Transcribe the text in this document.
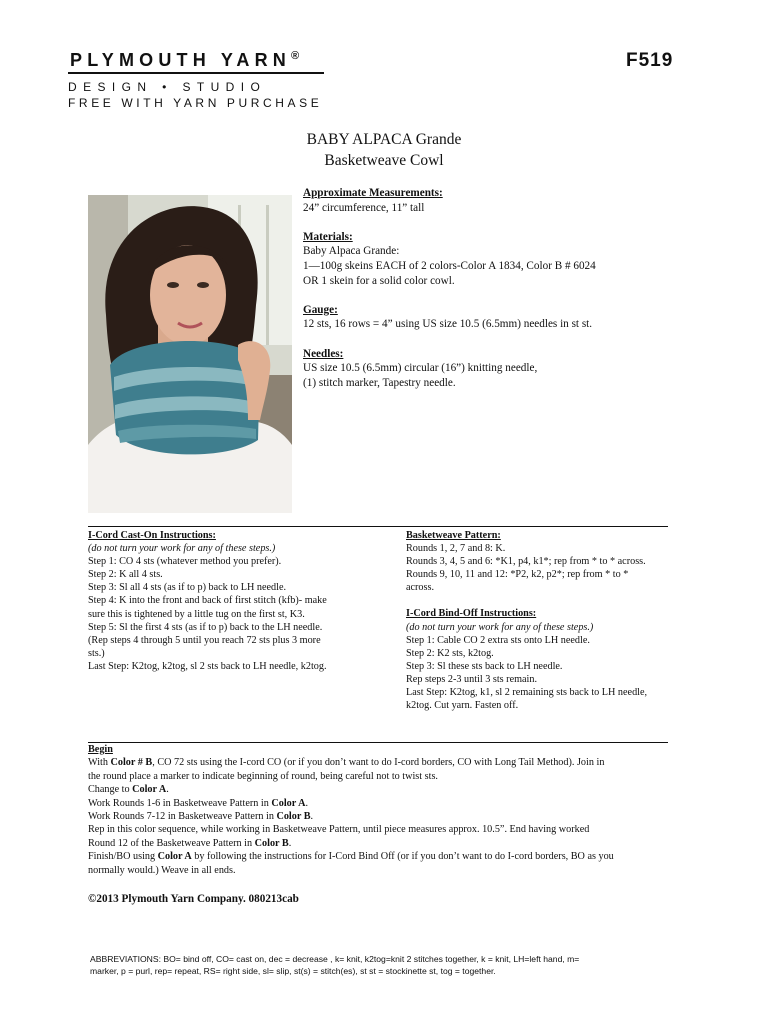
PLYMOUTH YARN®
DESIGN • STUDIO
FREE WITH YARN PURCHASE
F519
BABY ALPACA Grande
Basketweave Cowl
Approximate Measurements:
24” circumference, 11” tall
Materials:
Baby Alpaca Grande:
1—100g skeins EACH of 2 colors-Color A 1834, Color B # 6024
OR 1 skein for a solid color cowl.
Gauge:
12 sts, 16 rows = 4” using US size 10.5 (6.5mm) needles in st st.
Needles:
US size 10.5 (6.5mm) circular (16”) knitting needle,
(1) stitch marker, Tapestry needle.
I-Cord Cast-On Instructions:
(do not turn your work for any of these steps.)
Step 1: CO 4 sts (whatever method you prefer).
Step 2: K all 4 sts.
Step 3: Sl all 4 sts (as if to p) back to LH needle.
Step 4: K into the front and back of first stitch (kfb)- make
sure this is tightened by a little tug on the first st, K3.
Step 5: Sl the first 4 sts (as if to p) back to the LH needle.
(Rep steps 4 through 5 until you reach 72 sts plus 3 more
sts.)
Last Step: K2tog, k2tog, sl 2 sts back to LH needle, k2tog.
Basketweave Pattern:
Rounds 1, 2, 7 and 8: K.
Rounds 3, 4, 5 and 6: *K1, p4, k1*; rep from * to * across.
Rounds 9, 10, 11 and 12: *P2, k2, p2*; rep from * to *
across.
I-Cord Bind-Off Instructions:
(do not turn your work for any of these steps.)
Step 1: Cable CO 2 extra sts onto LH needle.
Step 2: K2 sts, k2tog.
Step 3: Sl these sts back to LH needle.
Rep steps 2-3 until 3 sts remain.
Last Step: K2tog, k1, sl 2 remaining sts back to LH needle,
k2tog. Cut yarn. Fasten off.
Begin
With Color # B, CO 72 sts using the I-cord CO (or if you don’t want to do I-cord borders, CO with Long Tail Method). Join in
the round place a marker to indicate beginning of round, being careful not to twist sts.
Change to Color A.
Work Rounds 1-6 in Basketweave Pattern in Color A.
Work Rounds 7-12 in Basketweave Pattern in Color B.
Rep in this color sequence, while working in Basketweave Pattern, until piece measures approx. 10.5”. End having worked
Round 12 of the Basketweave Pattern in Color B.
Finish/BO using Color A by following the instructions for I-Cord Bind Off (or if you don’t want to do I-cord borders, BO as you
normally would.) Weave in all ends.
©2013 Plymouth Yarn Company. 080213cab
ABBREVIATIONS: BO= bind off, CO= cast on, dec = decrease , k= knit, k2tog=knit 2 stitches together, k = knit, LH=left hand, m=
marker, p = purl, rep= repeat, RS= right side, sl= slip, st(s) = stitch(es), st st = stockinette st, tog = together.
